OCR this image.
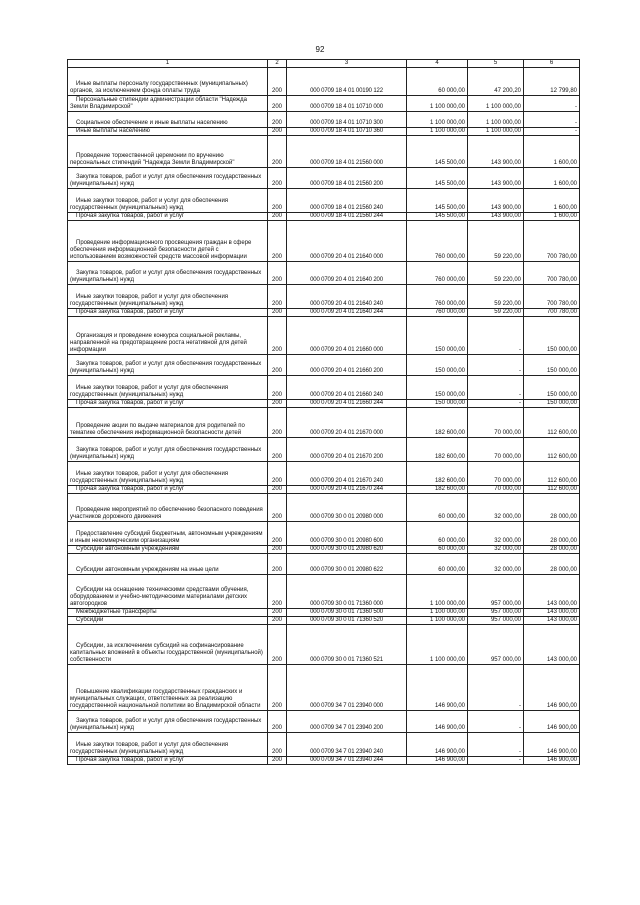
92
1	2	3	4	5	6
Иные выплаты персоналу государственных (муниципальных) органов, за исключением фонда оплаты труда	200	000 0709 18 4 01 00190 122	60 000,00	47 200,20	12 799,80
Персональные стипендии администрации области "Надежда Земли Владимирской"	200	000 0709 18 4 01 10710 000	1 100 000,00	1 100 000,00	-
Социальное обеспечение и иные выплаты населению	200	000 0709 18 4 01 10710 300	1 100 000,00	1 100 000,00	-
Иные выплаты населению	200	000 0709 18 4 01 10710 360	1 100 000,00	1 100 000,00	-
Проведение торжественной церемонии по вручению персональных стипендий "Надежда Земли Владимирской"	200	000 0709 18 4 01 21560 000	145 500,00	143 900,00	1 600,00
Закупка товаров, работ и услуг для обеспечения государственных (муниципальных) нужд	200	000 0709 18 4 01 21560 200	145 500,00	143 900,00	1 600,00
Иные закупки товаров, работ и услуг для обеспечения государственных (муниципальных) нужд	200	000 0709 18 4 01 21560 240	145 500,00	143 900,00	1 600,00
Прочая закупка товаров, работ и услуг	200	000 0709 18 4 01 21560 244	145 500,00	143 900,00	1 600,00
Проведение информационного просвещения граждан в сфере обеспечения информационной безопасности детей с использованием возможностей средств массовой информации	200	000 0709 20 4 01 21640 000	760 000,00	59 220,00	700 780,00
Закупка товаров, работ и услуг для обеспечения государственных (муниципальных) нужд	200	000 0709 20 4 01 21640 200	760 000,00	59 220,00	700 780,00
Иные закупки товаров, работ и услуг для обеспечения государственных (муниципальных) нужд	200	000 0709 20 4 01 21640 240	760 000,00	59 220,00	700 780,00
Прочая закупка товаров, работ и услуг	200	000 0709 20 4 01 21640 244	760 000,00	59 220,00	700 780,00
Организация и проведение конкурса социальной рекламы, направленной на предотвращение роста негативной для детей информации	200	000 0709 20 4 01 21660 000	150 000,00	-	150 000,00
Закупка товаров, работ и услуг для обеспечения государственных (муниципальных) нужд	200	000 0709 20 4 01 21660 200	150 000,00	-	150 000,00
Иные закупки товаров, работ и услуг для обеспечения государственных (муниципальных) нужд	200	000 0709 20 4 01 21660 240	150 000,00	-	150 000,00
Прочая закупка товаров, работ и услуг	200	000 0709 20 4 01 21660 244	150 000,00	-	150 000,00
Проведение акции по выдаче материалов для родителей по тематике обеспечения информационной безопасности детей	200	000 0709 20 4 01 21670 000	182 600,00	70 000,00	112 600,00
Закупка товаров, работ и услуг для обеспечения государственных (муниципальных) нужд	200	000 0709 20 4 01 21670 200	182 600,00	70 000,00	112 600,00
Иные закупки товаров, работ и услуг для обеспечения государственных (муниципальных) нужд	200	000 0709 20 4 01 21670 240	182 600,00	70 000,00	112 600,00
Прочая закупка товаров, работ и услуг	200	000 0709 20 4 01 21670 244	182 600,00	70 000,00	112 600,00
Проведение мероприятий по обеспечению безопасного поведения участников дорожного движения	200	000 0709 30 0 01 20980 000	60 000,00	32 000,00	28 000,00
Предоставление субсидий бюджетным, автономным учреждениям и иным некоммерческим организациям	200	000 0709 30 0 01 20980 600	60 000,00	32 000,00	28 000,00
Субсидии автономным учреждениям	200	000 0709 30 0 01 20980 620	60 000,00	32 000,00	28 000,00
Субсидии автономным учреждениям на иные цели	200	000 0709 30 0 01 20980 622	60 000,00	32 000,00	28 000,00
Субсидии на оснащение техническими средствами обучения, оборудованием и учебно-методическими материалами детских автогородков	200	000 0709 30 0 01 71360 000	1 100 000,00	957 000,00	143 000,00
Межбюджетные трансферты	200	000 0709 30 0 01 71360 500	1 100 000,00	957 000,00	143 000,00
Субсидии	200	000 0709 30 0 01 71360 520	1 100 000,00	957 000,00	143 000,00
Субсидии, за исключением субсидий на софинансирование капитальных вложений в объекты государственной (муниципальной) собственности	200	000 0709 30 0 01 71360 521	1 100 000,00	957 000,00	143 000,00
Повышение квалификации государственных гражданских и муниципальных служащих, ответственных за реализацию государственной национальной политики во Владимирской области	200	000 0709 34 7 01 23940 000	146 900,00	-	146 900,00
Закупка товаров, работ и услуг для обеспечения государственных (муниципальных) нужд	200	000 0709 34 7 01 23940 200	146 900,00	-	146 900,00
Иные закупки товаров, работ и услуг для обеспечения государственных (муниципальных) нужд	200	000 0709 34 7 01 23940 240	146 900,00	-	146 900,00
Прочая закупка товаров, работ и услуг	200	000 0709 34 7 01 23940 244	146 900,00	-	146 900,00
